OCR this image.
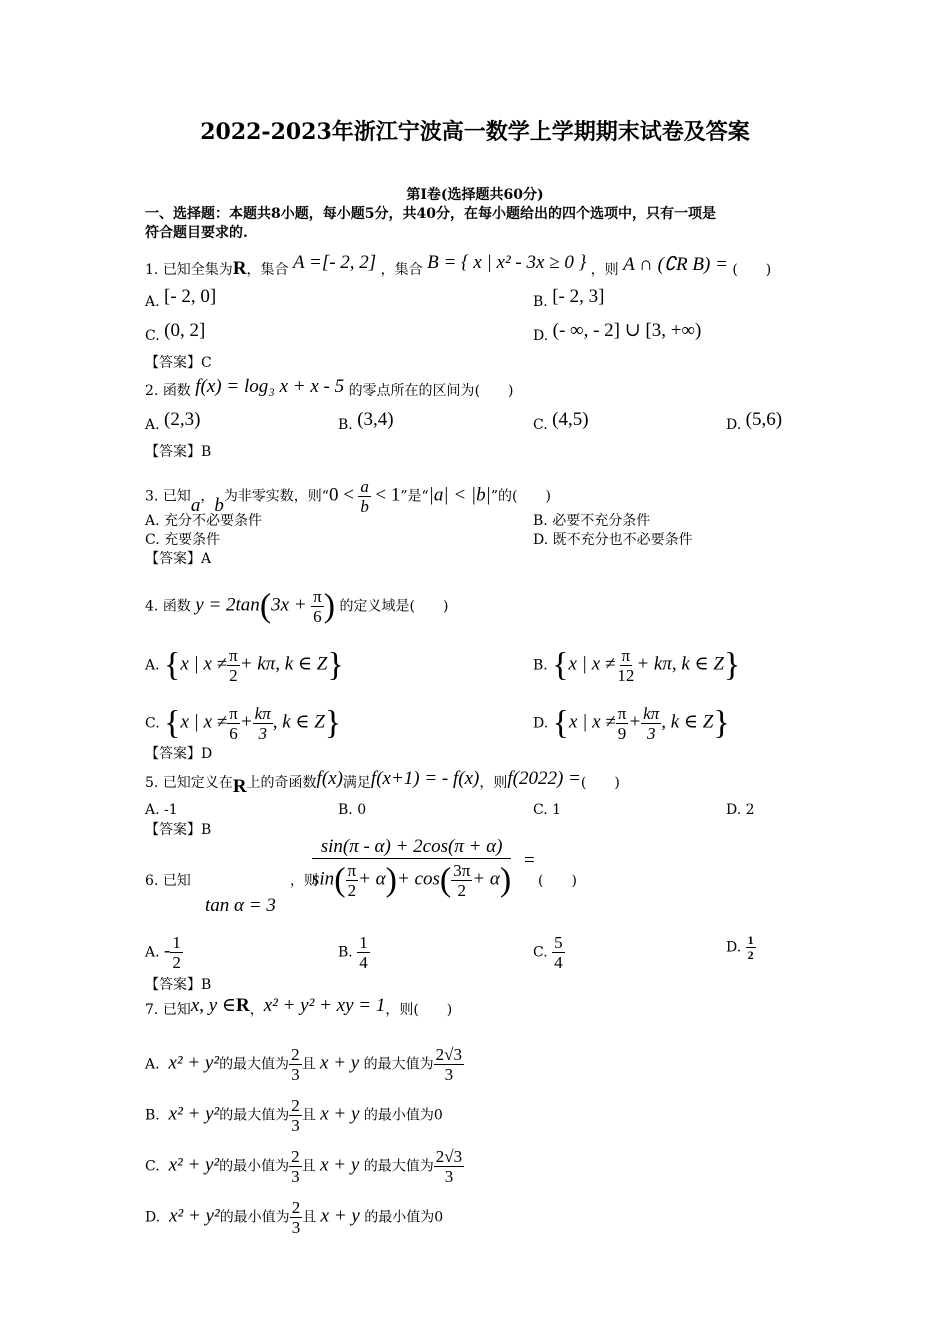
2022-2023年浙江宁波高一数学上学期期末试卷及答案
第Ⅰ卷(选择题共60分)
一、选择题：本题共8小题，每小题5分，共40分，在每小题给出的四个选项中，只有一项是
符合题目要求的.
1. 已知全集为R，集合 A =[- 2, 2] ，集合 B = { x | x² - 3x ≥ 0 } ，则 A ∩ (∁R B) = (　　)
A. [- 2, 0]	B. [- 2, 3]
C. (0, 2]	D. (- ∞, - 2] ∪ [3, +∞)
【答案】C
2. 函数 f(x) = log₃ x + x - 5 的零点所在的区间为(　　)
A. (2,3)	B. (3,4)	C. (4,5)	D. (5,6)
【答案】B
3. 已知a，b为非零实数，则“$0 < \frac{a}{b} < 1$”是“|a| < |b|”的(　　)
A. 充分不必要条件	B. 必要不充分条件
C. 充要条件	D. 既不充分也不必要条件
【答案】A
4. 函数 $y = 2\tan(3x + \frac{\pi}{6}$ ) 的定义域是(　　)
A. {x | $x \ne \frac{\pi}{2} + k\pi$, k ∈ Z}	B. {x | $x \ne \frac{\pi}{12} + k\pi$, k ∈ Z}
C. {x | $x \ne \frac{\pi}{6} + \frac{k\pi}{3}$ , k ∈ Z}	D. {x | $x \ne \frac{\pi}{9} + \frac{k\pi}{3}$ , k ∈ Z}
【答案】D
5. 已知定义在R上的奇函数f(x)满足f(x+1) = - f(x)，则f(2022) =(　　)
A. -1	B. 0	C. 1	D. 2
【答案】B
6. 已知
tan α = 3
，则
sin(π - α) + 2cos(π + α)
$\sin( \frac{\pi}{2} + \alpha)+ \cos( \frac{3\pi}{2} + \alpha)$
=
(　　)
A. - $\frac{1}{2}$	B. $\frac{1}{4}$	C. $\frac{5}{4}$	D. $\frac{1}{2}$
【答案】B
7. 已知x, y ∈R，x² + y² + xy = 1，则(　　)
A. x² + y²的最大值为 $\frac{2}{3}$ 且 x + y 的最大值为 $\frac{2√3}{3}$
B. x² + y²的最大值为 $\frac{2}{3}$ 且 x + y 的最小值为0
C. x² + y²的最小值为 $\frac{2}{3}$ 且 x + y 的最大值为 $\frac{2√3}{3}$
D. x² + y²的最小值为 $\frac{2}{3}$ 且 x + y 的最小值为0
